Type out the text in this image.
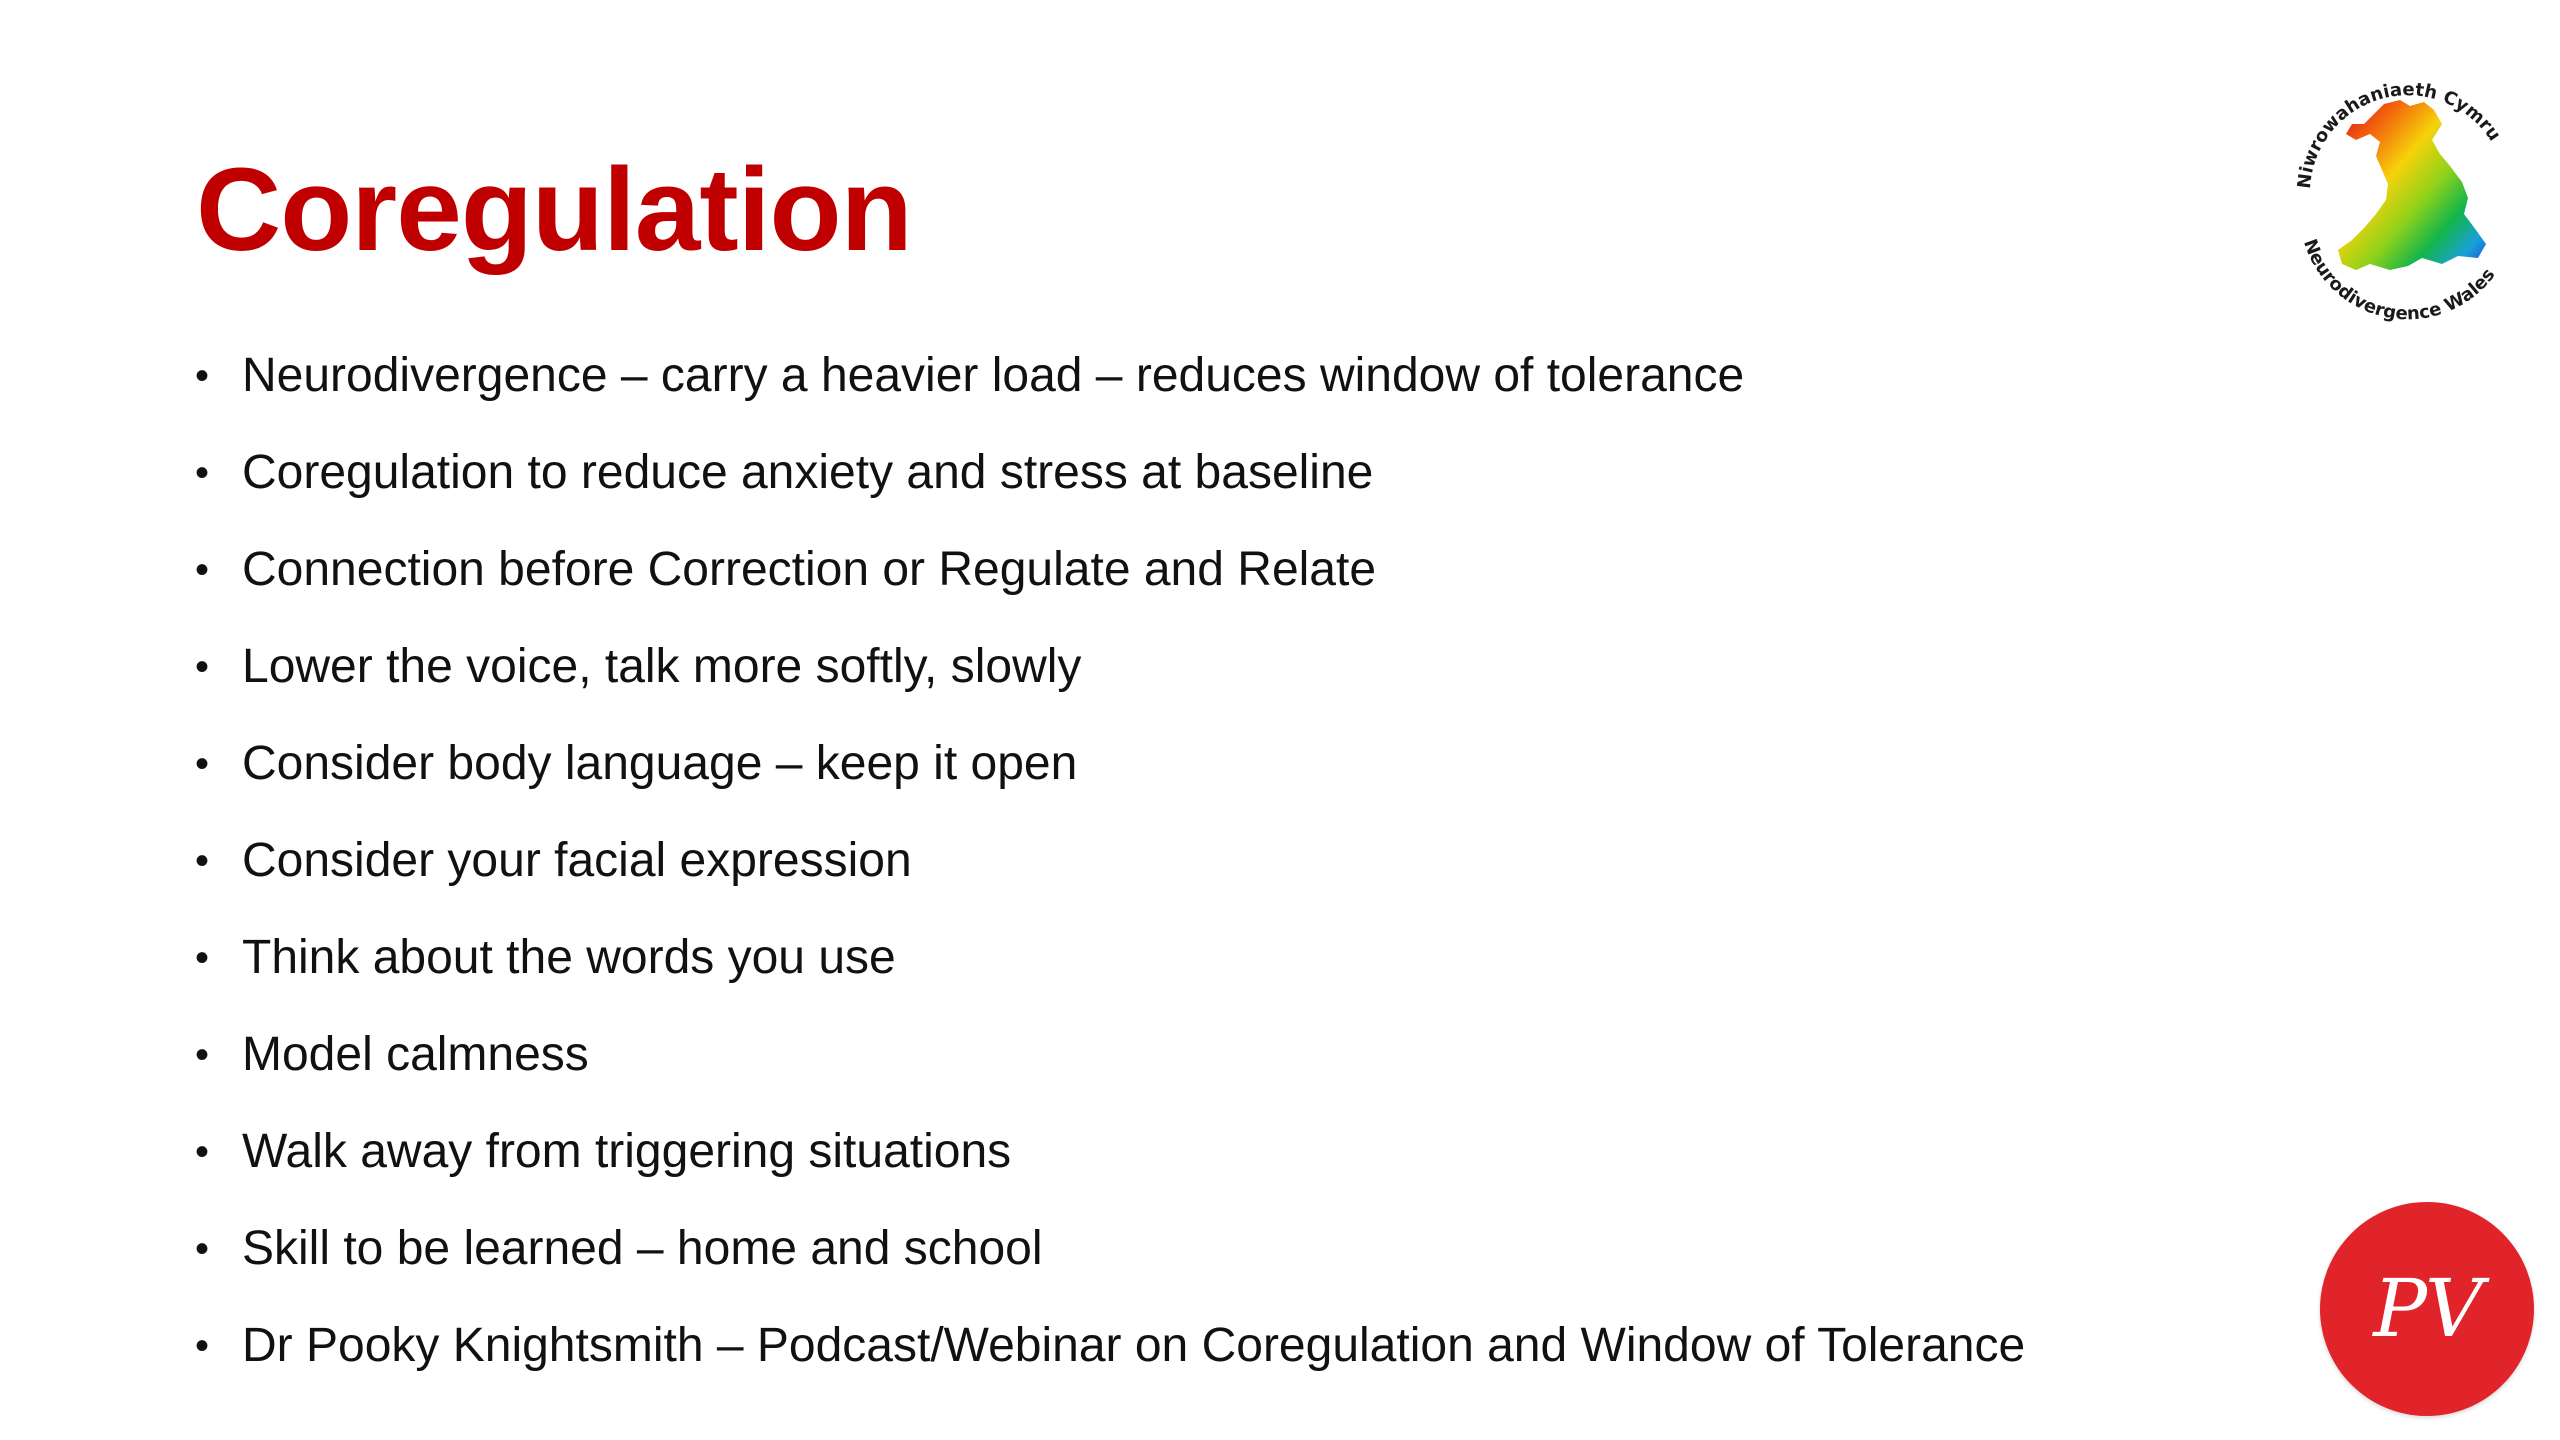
Coregulation
• Neurodivergence – carry a heavier load – reduces window of tolerance
• Coregulation to reduce anxiety and stress at baseline
• Connection before Correction or Regulate and Relate
• Lower the voice, talk more softly, slowly
• Consider body language – keep it open
• Consider your facial expression
• Think about the words you use
• Model calmness
• Walk away from triggering situations
• Skill to be learned – home and school
• Dr Pooky Knightsmith – Podcast/Webinar on Coregulation and Window of Tolerance
Niwrowahaniaeth Cymru
Neurodivergence Wales
PV
